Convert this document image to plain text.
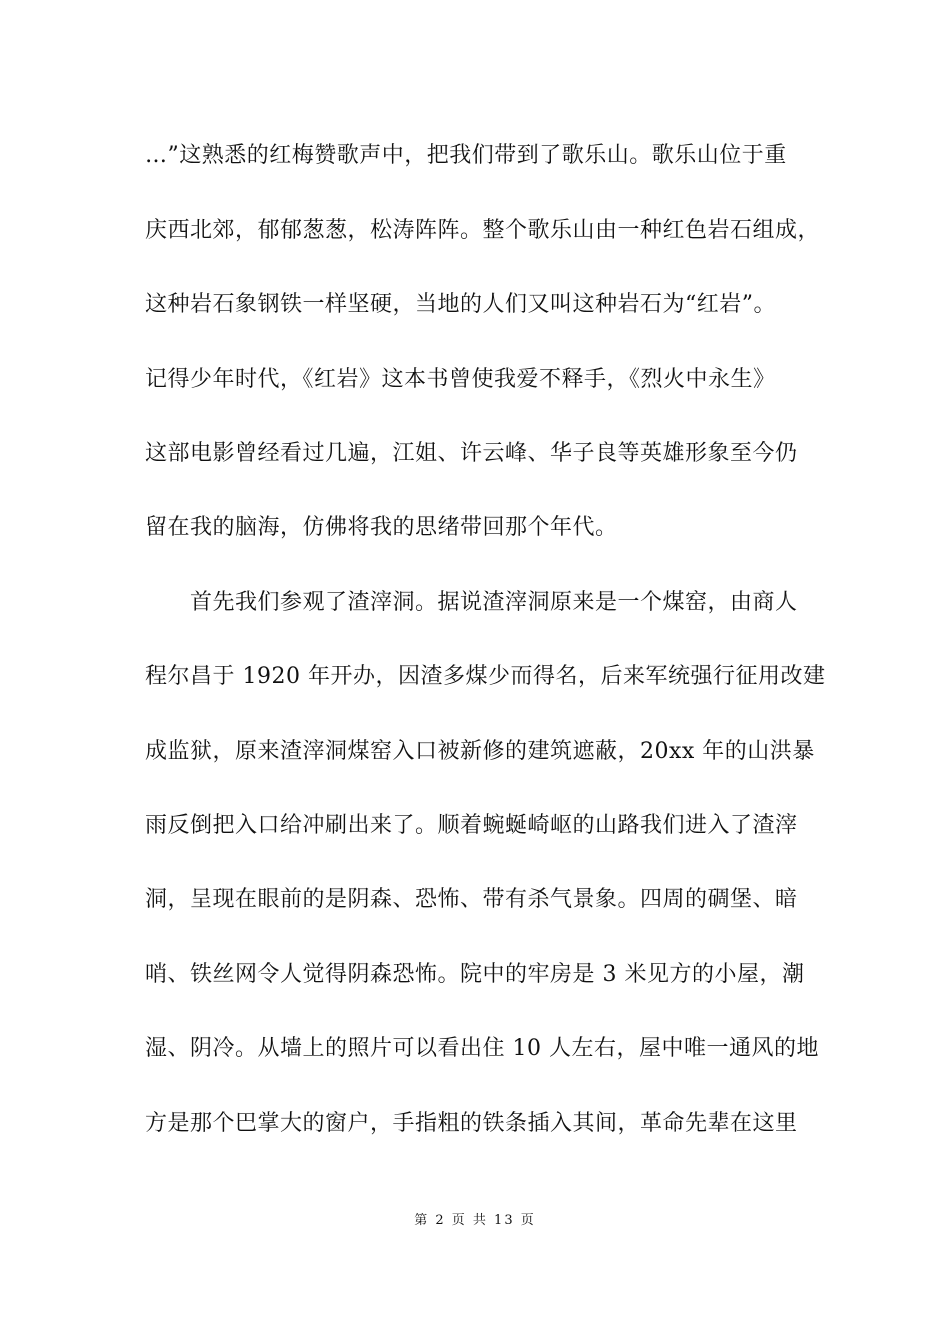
…”这熟悉的红梅赞歌声中，把我们带到了歌乐山。歌乐山位于重
庆西北郊，郁郁葱葱，松涛阵阵。整个歌乐山由一种红色岩石组成，
这种岩石象钢铁一样坚硬，当地的人们又叫这种岩石为“红岩”。
记得少年时代，《红岩》这本书曾使我爱不释手，《烈火中永生》
这部电影曾经看过几遍，江姐、许云峰、华子良等英雄形象至今仍
留在我的脑海，仿佛将我的思绪带回那个年代。
首先我们参观了渣滓洞。据说渣滓洞原来是一个煤窑，由商人
程尔昌于 1920 年开办，因渣多煤少而得名，后来军统强行征用改建
成监狱，原来渣滓洞煤窑入口被新修的建筑遮蔽，20xx 年的山洪暴
雨反倒把入口给冲刷出来了。顺着蜿蜒崎岖的山路我们进入了渣滓
洞，呈现在眼前的是阴森、恐怖、带有杀气景象。四周的碉堡、暗
哨、铁丝网令人觉得阴森恐怖。院中的牢房是 3 米见方的小屋，潮
湿、阴冷。从墙上的照片可以看出住 10 人左右，屋中唯一通风的地
方是那个巴掌大的窗户，手指粗的铁条插入其间，革命先辈在这里
第 2 页 共 13 页
